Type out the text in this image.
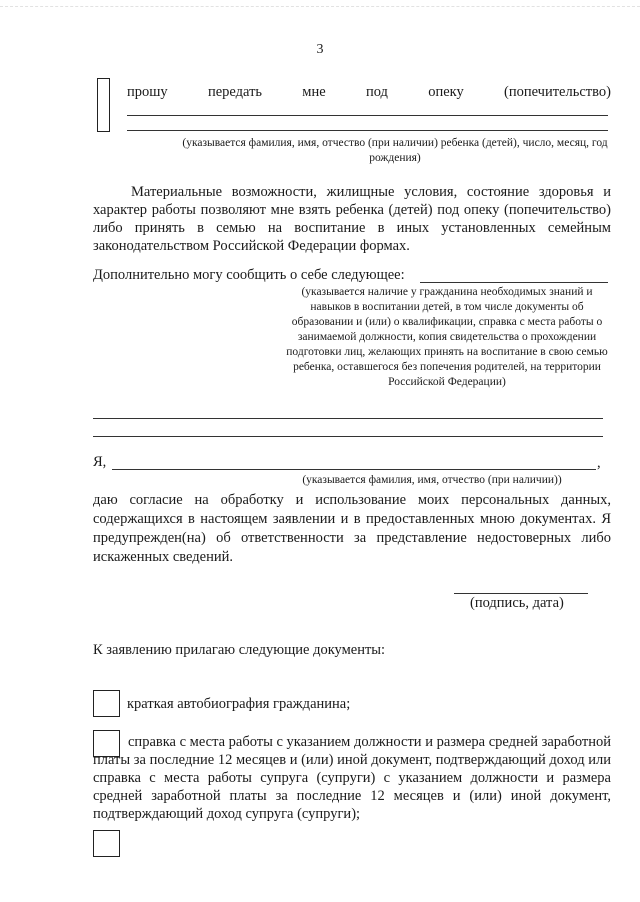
3
прошу	передать	мне	под	опеку	(попечительство)
(указывается фамилия, имя, отчество (при наличии) ребенка (детей), число, месяц, год рождения)
Материальные возможности, жилищные условия, состояние здоровья и характер работы позволяют мне взять ребенка (детей) под опеку (попечительство) либо принять в семью на воспитание в иных установленных семейным законодательством Российской Федерации формах.
Дополнительно могу сообщить о себе следующее:
(указывается наличие у гражданина необходимых знаний и навыков в воспитании детей, в том числе документы об образовании и (или) о квалификации, справка с места работы о занимаемой должности, копия свидетельства о прохождении подготовки лиц, желающих принять на воспитание в свою семью ребенка, оставшегося без попечения родителей, на территории Российской Федерации)
Я,	,
(указывается фамилия, имя, отчество (при наличии))
даю согласие на обработку и использование моих персональных данных, содержащихся в настоящем заявлении и в предоставленных мною документах. Я предупрежден(на) об ответственности за представление недостоверных либо искаженных сведений.
(подпись, дата)
К заявлению прилагаю следующие документы:
краткая автобиография гражданина;
справка с места работы с указанием должности и размера средней заработной платы за последние 12 месяцев и (или) иной документ, подтверждающий доход или справка с места работы супруга (супруги) с указанием должности и размера средней заработной платы за последние 12 месяцев и (или) иной документ, подтверждающий доход супруга (супруги);
